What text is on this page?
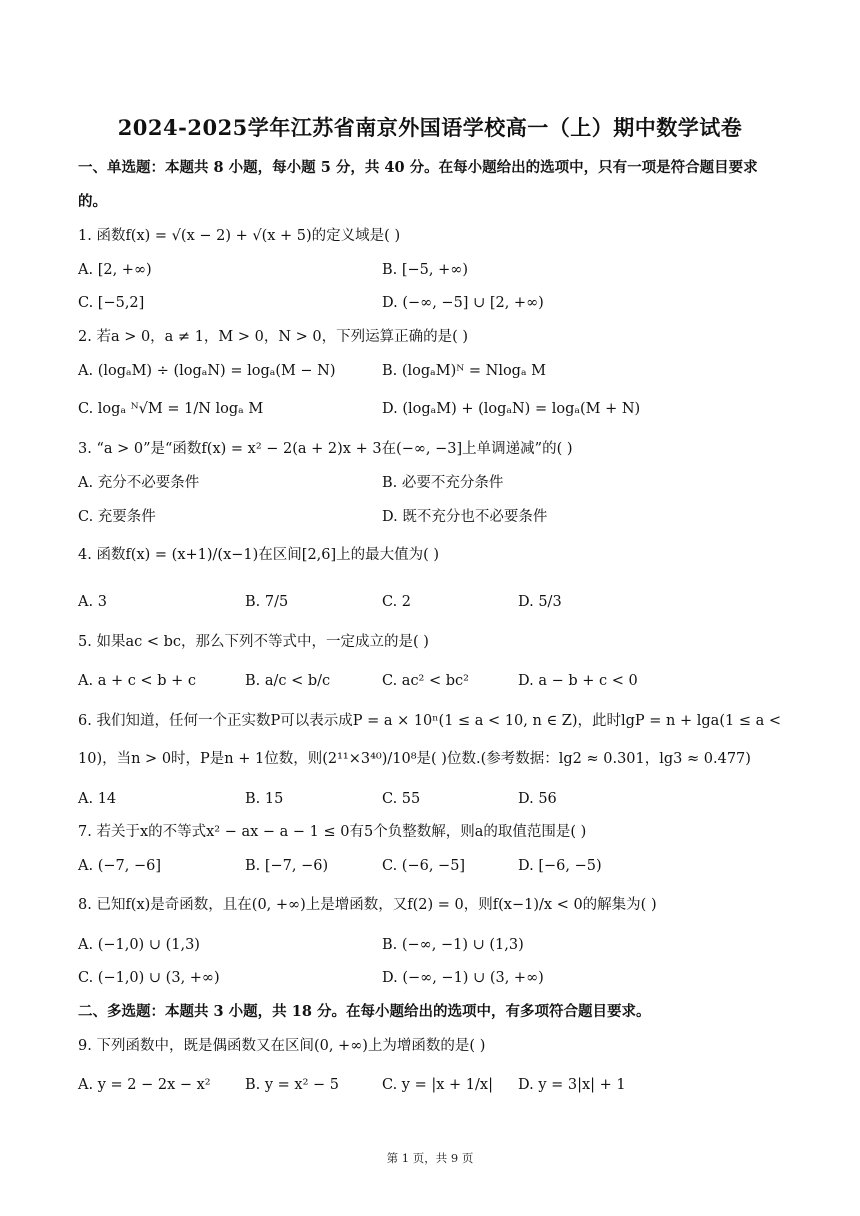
2024-2025学年江苏省南京外国语学校高一（上）期中数学试卷
一、单选题：本题共 8 小题，每小题 5 分，共 40 分。在每小题给出的选项中，只有一项是符合题目要求
的。
1. 函数f(x) = √(x − 2) + √(x + 5)的定义域是( )
A. [2, +∞)	B. [−5, +∞)
C. [−5,2]	D. (−∞, −5] ∪ [2, +∞)
2. 若a > 0，a ≠ 1，M > 0，N > 0，下列运算正确的是( )
A. (logₐM) ÷ (logₐN) = logₐ(M − N)	B. (logₐM)ᴺ = Nlogₐ M
C. logₐ ᴺ√M = 1/N logₐ M	D. (logₐM) + (logₐN) = logₐ(M + N)
3. “a > 0”是“函数f(x) = x² − 2(a + 2)x + 3在(−∞, −3]上单调递减”的( )
A. 充分不必要条件	B. 必要不充分条件
C. 充要条件	D. 既不充分也不必要条件
4. 函数f(x) = (x+1)/(x−1)在区间[2,6]上的最大值为( )
A. 3	B. 7/5	C. 2	D. 5/3
5. 如果ac < bc，那么下列不等式中，一定成立的是( )
A. a + c < b + c	B. a/c < b/c	C. ac² < bc²	D. a − b + c < 0
6. 我们知道，任何一个正实数P可以表示成P = a × 10ⁿ(1 ≤ a < 10, n ∈ Z)，此时lgP = n + lga(1 ≤ a <
10)，当n > 0时，P是n + 1位数，则(2¹¹×3⁴⁰)/10⁸是( )位数.(参考数据：lg2 ≈ 0.301，lg3 ≈ 0.477)
A. 14	B. 15	C. 55	D. 56
7. 若关于x的不等式x² − ax − a − 1 ≤ 0有5个负整数解，则a的取值范围是( )
A. (−7, −6]	B. [−7, −6)	C. (−6, −5]	D. [−6, −5)
8. 已知f(x)是奇函数，且在(0, +∞)上是增函数，又f(2) = 0，则f(x−1)/x < 0的解集为( )
A. (−1,0) ∪ (1,3)	B. (−∞, −1) ∪ (1,3)
C. (−1,0) ∪ (3, +∞)	D. (−∞, −1) ∪ (3, +∞)
二、多选题：本题共 3 小题，共 18 分。在每小题给出的选项中，有多项符合题目要求。
9. 下列函数中，既是偶函数又在区间(0, +∞)上为增函数的是( )
A. y = 2 − 2x − x² B. y = x² − 5	C. y = |x + 1/x| D. y = 3|x| + 1
第 1 页，共 9 页
